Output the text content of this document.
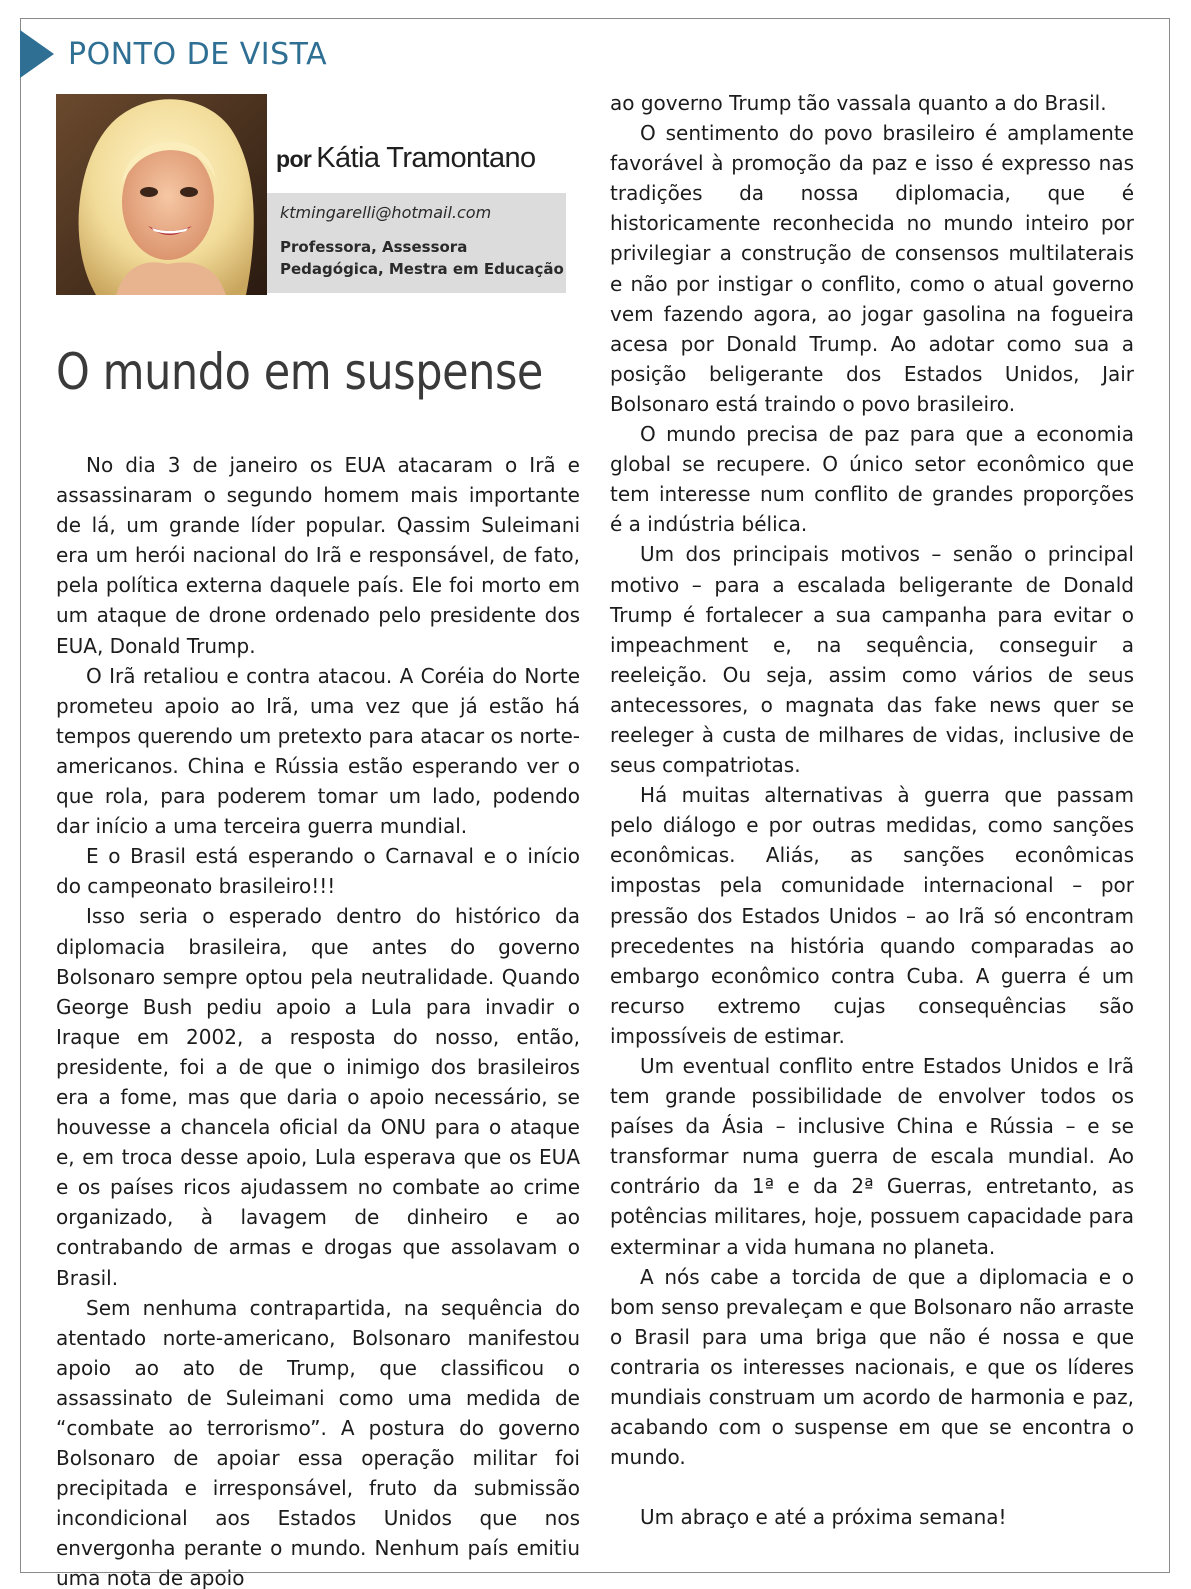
PONTO DE VISTA
por Kátia Tramontano
ktmingarelli@hotmail.com
Professora, Assessora
Pedagógica, Mestra em Educação
O mundo em suspense

No dia 3 de janeiro os EUA atacaram o Irã e assassinaram o segundo homem mais importante de lá, um grande líder popular. Qassim Suleimani era um herói nacional do Irã e responsável, de fato, pela política externa daquele país. Ele foi morto em um ataque de drone ordenado pelo presidente dos EUA, Donald Trump.

O Irã retaliou e contra atacou. A Coréia do Norte prometeu apoio ao Irã, uma vez que já estão há tempos querendo um pretexto para atacar os norte-americanos. China e Rússia estão esperando ver o que rola, para poderem tomar um lado, podendo dar início a uma terceira guerra mundial.

E o Brasil está esperando o Carnaval e o início do campeonato brasileiro!!!

Isso seria o esperado dentro do histórico da diplomacia brasileira, que antes do governo Bolsonaro sempre optou pela neutralidade. Quando George Bush pediu apoio a Lula para invadir o Iraque em 2002, a resposta do nosso, então, presidente, foi a de que o inimigo dos brasileiros era a fome, mas que daria o apoio necessário, se houvesse a chancela oficial da ONU para o ataque e, em troca desse apoio, Lula esperava que os EUA e os países ricos ajudassem no combate ao crime organizado, à lavagem de dinheiro e ao contrabando de armas e drogas que assolavam o Brasil.

Sem nenhuma contrapartida, na sequência do atentado norte-americano, Bolsonaro manifestou apoio ao ato de Trump, que classificou o assassinato de Suleimani como uma medida de “combate ao terrorismo”. A postura do governo Bolsonaro de apoiar essa operação militar foi precipitada e irresponsável, fruto da submissão incondicional aos Estados Unidos que nos envergonha perante o mundo. Nenhum país emitiu uma nota de apoio

ao governo Trump tão vassala quanto a do Brasil.

O sentimento do povo brasileiro é amplamente favorável à promoção da paz e isso é expresso nas tradições da nossa diplomacia, que é historicamente reconhecida no mundo inteiro por privilegiar a construção de consensos multilaterais e não por instigar o conflito, como o atual governo vem fazendo agora, ao jogar gasolina na fogueira acesa por Donald Trump. Ao adotar como sua a posição beligerante dos Estados Unidos, Jair Bolsonaro está traindo o povo brasileiro.

O mundo precisa de paz para que a economia global se recupere. O único setor econômico que tem interesse num conflito de grandes proporções é a indústria bélica.

Um dos principais motivos – senão o principal motivo – para a escalada beligerante de Donald Trump é fortalecer a sua campanha para evitar o impeachment e, na sequência, conseguir a reeleição. Ou seja, assim como vários de seus antecessores, o magnata das fake news quer se reeleger à custa de milhares de vidas, inclusive de seus compatriotas.

Há muitas alternativas à guerra que passam pelo diálogo e por outras medidas, como sanções econômicas. Aliás, as sanções econômicas impostas pela comunidade internacional – por pressão dos Estados Unidos – ao Irã só encontram precedentes na história quando comparadas ao embargo econômico contra Cuba. A guerra é um recurso extremo cujas consequências são impossíveis de estimar.

Um eventual conflito entre Estados Unidos e Irã tem grande possibilidade de envolver todos os países da Ásia – inclusive China e Rússia – e se transformar numa guerra de escala mundial. Ao contrário da 1ª e da 2ª Guerras, entretanto, as potências militares, hoje, possuem capacidade para exterminar a vida humana no planeta.

A nós cabe a torcida de que a diplomacia e o bom senso prevaleçam e que Bolsonaro não arraste o Brasil para uma briga que não é nossa e que contraria os interesses nacionais, e que os líderes mundiais construam um acordo de harmonia e paz, acabando com o suspense em que se encontra o mundo.

Um abraço e até a próxima semana!
